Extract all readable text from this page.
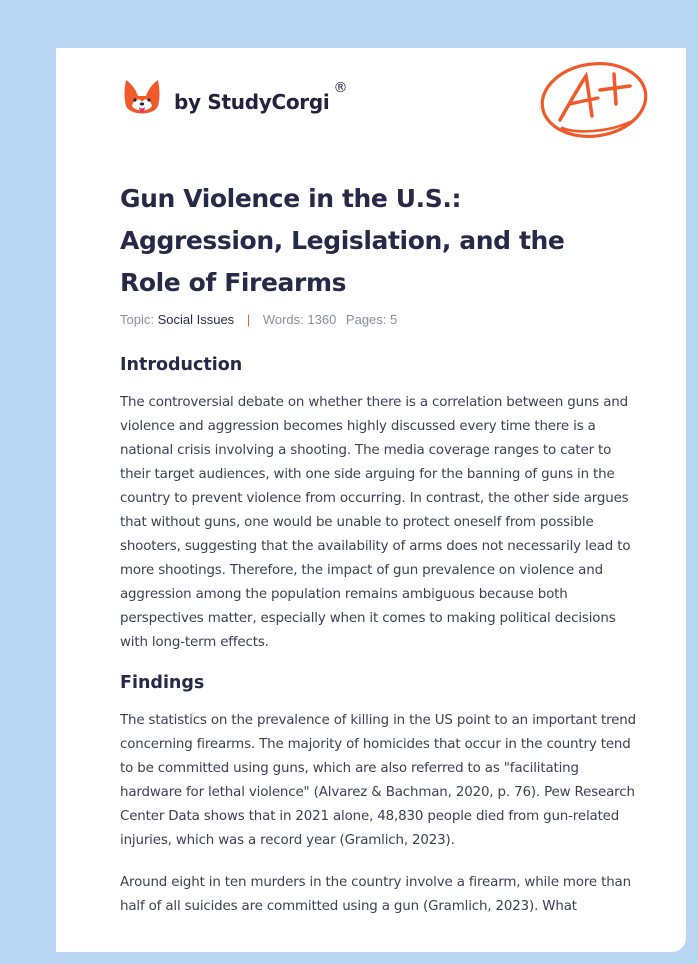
by StudyCorgi
®
Gun Violence in the U.S.: Aggression, Legislation, and the Role of Firearms
Topic: Social Issues | Words: 1360 Pages: 5
Introduction

The controversial debate on whether there is a correlation between guns and violence and aggression becomes highly discussed every time there is a national crisis involving a shooting. The media coverage ranges to cater to their target audiences, with one side arguing for the banning of guns in the country to prevent violence from occurring. In contrast, the other side argues that without guns, one would be unable to protect oneself from possible shooters, suggesting that the availability of arms does not necessarily lead to more shootings. Therefore, the impact of gun prevalence on violence and aggression among the population remains ambiguous because both perspectives matter, especially when it comes to making political decisions with long-term effects.

Findings

The statistics on the prevalence of killing in the US point to an important trend concerning firearms. The majority of homicides that occur in the country tend to be committed using guns, which are also referred to as "facilitating hardware for lethal violence" (Alvarez & Bachman, 2020, p. 76). Pew Research Center Data shows that in 2021 alone, 48,830 people died from gun-related injuries, which was a record year (Gramlich, 2023).

Around eight in ten murders in the country involve a firearm, while more than half of all suicides are committed using a gun (Gramlich, 2023). What
